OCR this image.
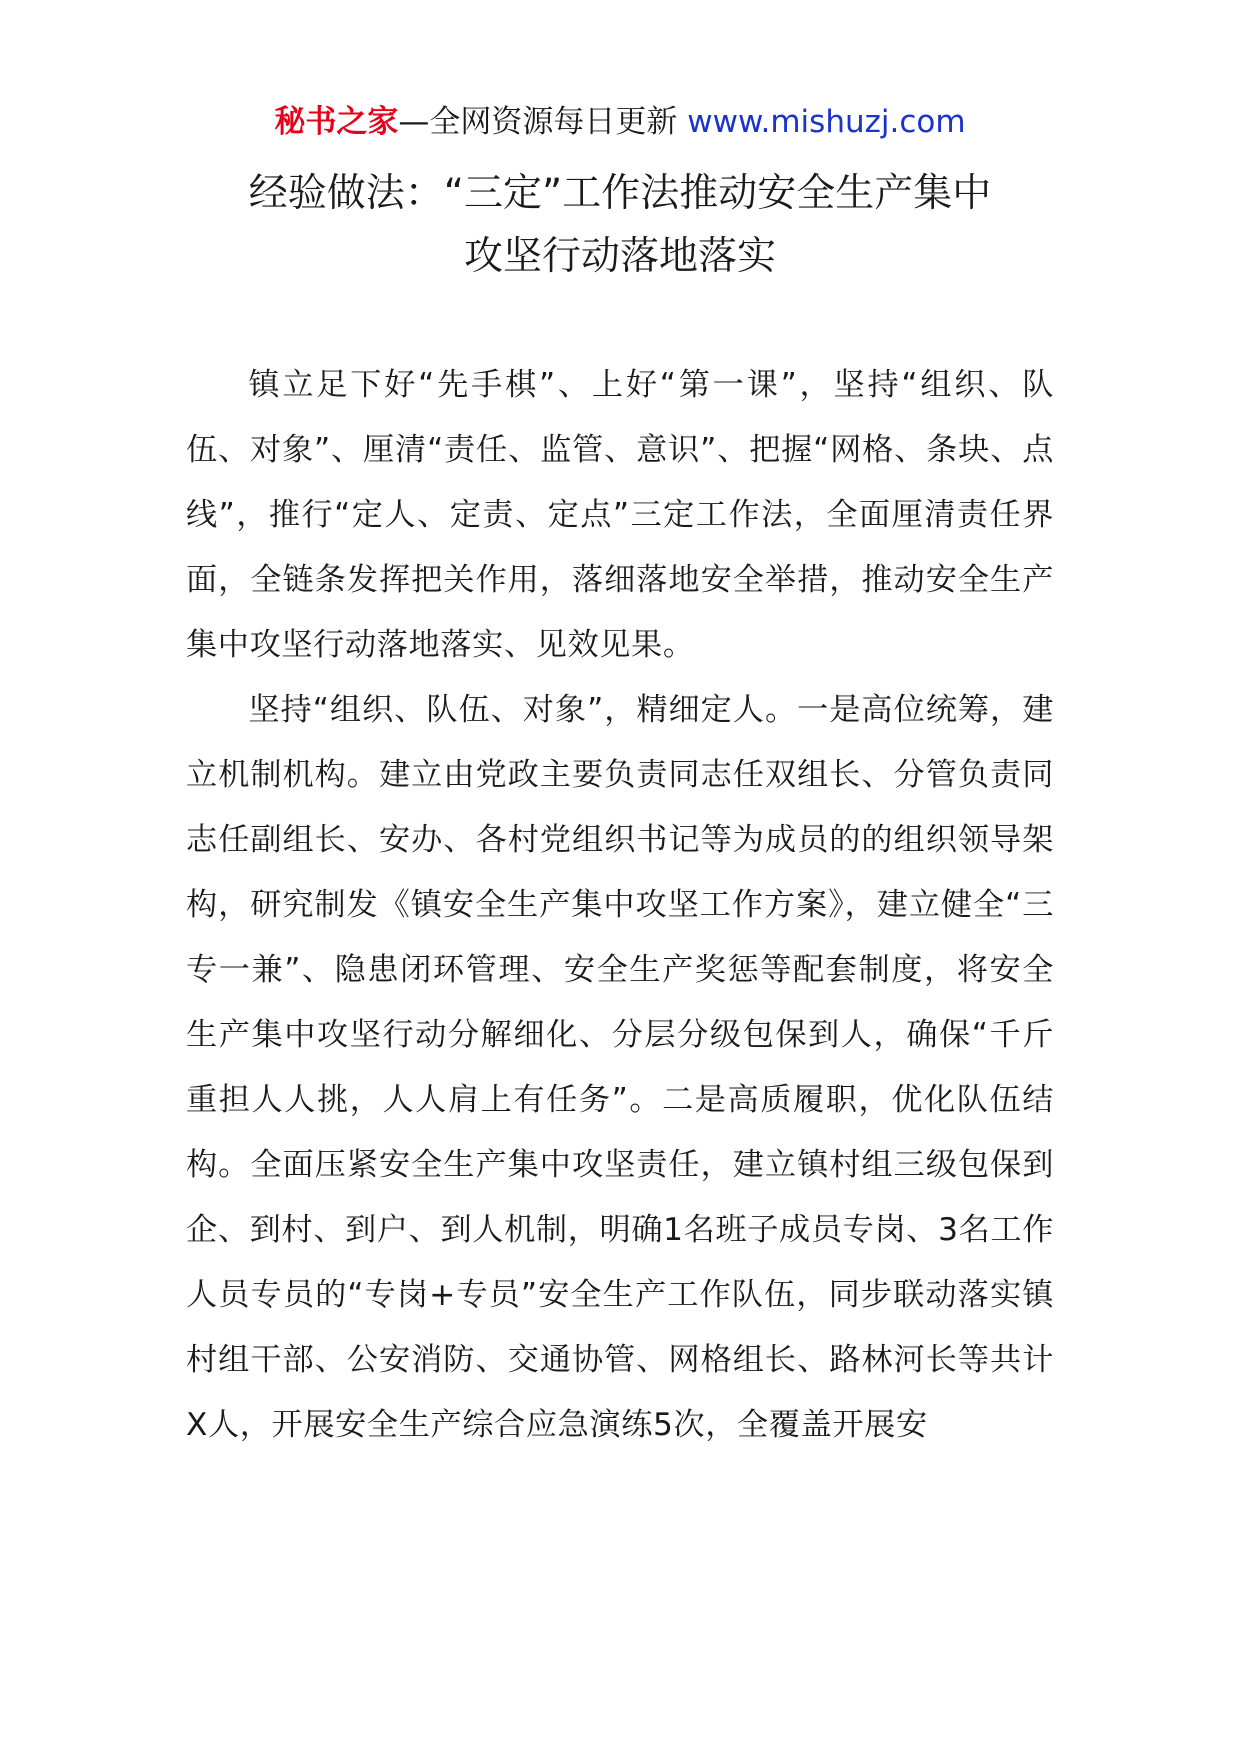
秘书之家—全网资源每日更新 www.mishuzj.com
经验做法：“三定”工作法推动安全生产集中
攻坚行动落地落实

镇立足下好“先手棋”、上好“第一课”，坚持“组织、队伍、对象”、厘清“责任、监管、意识”、把握“网格、条块、点线”，推行“定人、定责、定点”三定工作法，全面厘清责任界面，全链条发挥把关作用，落细落地安全举措，推动安全生产集中攻坚行动落地落实、见效见果。

坚持“组织、队伍、对象”，精细定人。一是高位统筹，建立机制机构。建立由党政主要负责同志任双组长、分管负责同志任副组长、安办、各村党组织书记等为成员的的组织领导架构，研究制发《镇安全生产集中攻坚工作方案》，建立健全“三专一兼”、隐患闭环管理、安全生产奖惩等配套制度，将安全生产集中攻坚行动分解细化、分层分级包保到人，确保“千斤重担人人挑，人人肩上有任务”。二是高质履职，优化队伍结构。全面压紧安全生产集中攻坚责任，建立镇村组三级包保到企、到村、到户、到人机制，明确1名班子成员专岗、3名工作人员专员的“专岗+专员”安全生产工作队伍，同步联动落实镇村组干部、公安消防、交通协管、网格组长、路林河长等共计X人，开展安全生产综合应急演练5次，全覆盖开展安
